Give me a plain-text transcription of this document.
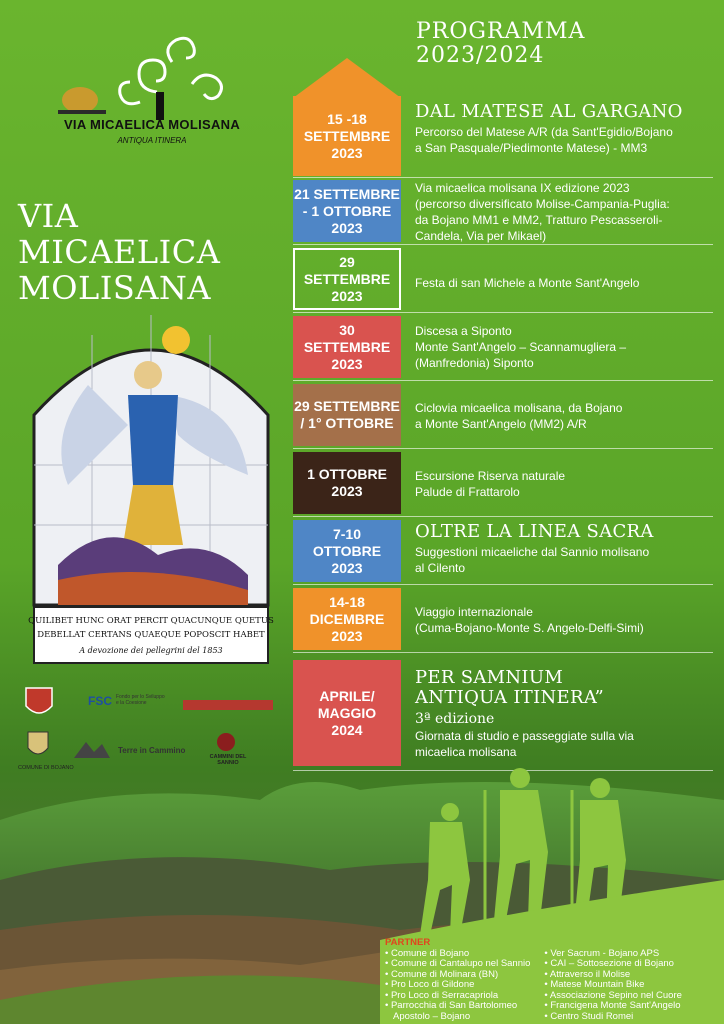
VIA MICAELICA MOLISANA
ANTIQUA ITINERA
VIA MICAELICA
MOLISANA
QUILIBET HUNC ORAT PERCIT QUACUNQUE QUETUS
DEBELLAT CERTANS QUAEQUE POPOSCIT HABET
A devozione dei pellegrini del 1853
PROGRAMMA
2023/2024
15 -18
SETTEMBRE
2023
DAL MATESE AL GARGANO
Percorso del Matese A/R (da Sant'Egidio/Bojano
a San Pasquale/Piedimonte Matese) - MM3
21 SETTEMBRE
- 1 OTTOBRE
2023
Via micaelica molisana IX edizione 2023
(percorso diversificato Molise-Campania-Puglia:
da Bojano MM1 e MM2, Tratturo Pescasseroli-
Candela, Via per Mikael)
29
SETTEMBRE
2023
Festa di san Michele a Monte Sant'Angelo
30
SETTEMBRE
2023
Discesa a Siponto
Monte Sant'Angelo – Scannamugliera –
(Manfredonia) Siponto
29 SETTEMBRE
/ 1° OTTOBRE
Ciclovia micaelica molisana, da Bojano
a Monte Sant'Angelo (MM2) A/R
1 OTTOBRE
2023
Escursione Riserva naturale
Palude di Frattarolo
7-10
OTTOBRE
2023
OLTRE LA LINEA SACRA
Suggestioni micaeliche dal Sannio molisano
al Cilento
14-18
DICEMBRE
2023
Viaggio internazionale
(Cuma-Bojano-Monte S. Angelo-Delfi-Simi)
APRILE/
MAGGIO
2024
PER SAMNIUM ANTIQUA ITINERA”
3ª edizione
Giornata di studio e passeggiate sulla via
micaelica molisana
FSC Fondo per lo Sviluppo e la Coesione
COMUNE DI BOJANO
Terre in Cammino
CAMMINI DEL SANNIO
PARTNER
• Comune di Bojano
• Comune di Cantalupo nel Sannio
• Comune di Molinara (BN)
• Pro Loco di Gildone
• Pro Loco di Serracapriola
• Parrocchia di San Bartolomeo
Apostolo – Bojano
• Ver Sacrum - Bojano APS
• CAI – Sottosezione di Bojano
• Attraverso il Molise
• Matese Mountain Bike
• Associazione Sepino nel Cuore
• Francigena Monte Sant'Angelo
• Centro Studi Romei
